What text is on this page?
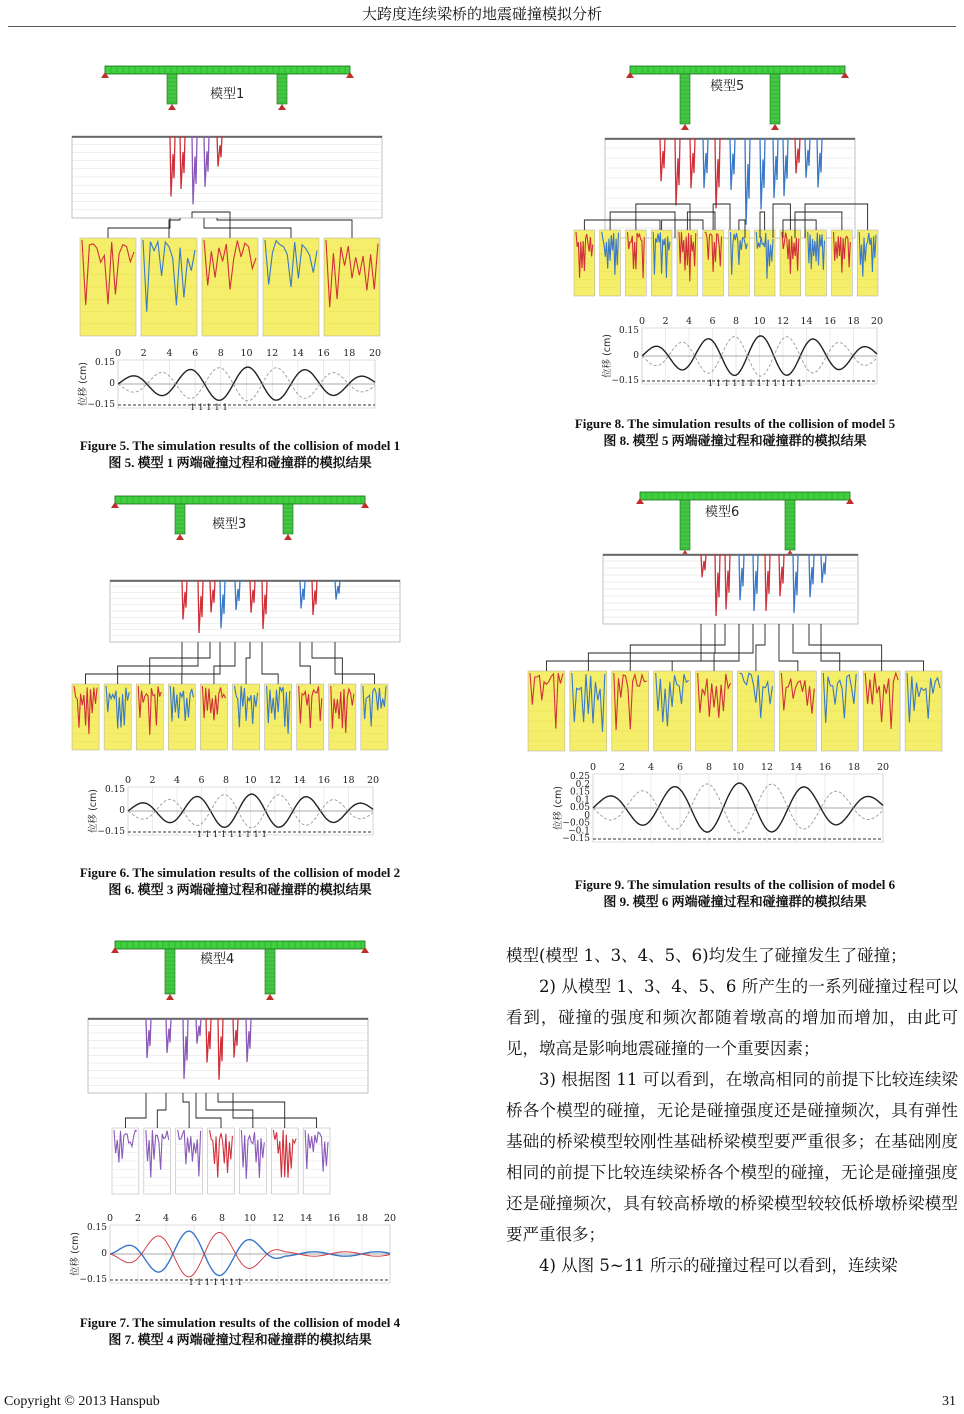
大跨度连续梁桥的地震碰撞模拟分析
模型1
0 2 4 6 8 10 12 14 16 18 20
0.15
0
−0.15
位移 (cm)
1 1 1 1 1
Figure 5. The simulation results of the collision of model 1
图 5. 模型 1 两端碰撞过程和碰撞群的模拟结果
模型3
0 2 4 6 8 10 12 14 16 18 20
0.15
0
−0.15
位移 (cm)
1 1 1 1 1 1 1 1 1
Figure 6. The simulation results of the collision of model 2
图 6. 模型 3 两端碰撞过程和碰撞群的模拟结果
模型4
0 2 4 6 8 10 12 14 16 18 20
0.15
0
−0.15
位移 (cm)
1 1 1 1 1 1 1
Figure 7. The simulation results of the collision of model 4
图 7. 模型 4 两端碰撞过程和碰撞群的模拟结果
模型5
0 2 4 6 8 10 12 14 16 18 20
0.15
0
−0.15
位移 (cm)
1 1 1 1 1 1 1 1 1 1 1 1
Figure 8. The simulation results of the collision of model 5
图 8. 模型 5 两端碰撞过程和碰撞群的模拟结果
模型6
0 2 4 6 8 10 12 14 16 18 20
0.25
0.2
0.15
0.1
0.05
0
−0.05
−0.1
−0.15
位移 (cm)
Figure 9. The simulation results of the collision of model 6
图 9. 模型 6 两端碰撞过程和碰撞群的模拟结果

模型(模型 1、3、4、5、6)均发生了碰撞发生了碰撞；

2) 从模型 1、3、4、5、6 所产生的一系列碰撞过程可以看到，碰撞的强度和频次都随着墩高的增加而增加，由此可见，墩高是影响地震碰撞的一个重要因素；

3) 根据图 11 可以看到，在墩高相同的前提下比较连续梁桥各个模型的碰撞，无论是碰撞强度还是碰撞频次，具有弹性基础的桥梁模型较刚性基础桥梁模型要严重很多；在基础刚度相同的前提下比较连续梁桥各个模型的碰撞，无论是碰撞强度还是碰撞频次，具有较高桥墩的桥梁模型较较低桥墩桥梁模型要严重很多；

4) 从图 5~11 所示的碰撞过程可以看到，连续梁

Copyright © 2013 Hanspub	31
